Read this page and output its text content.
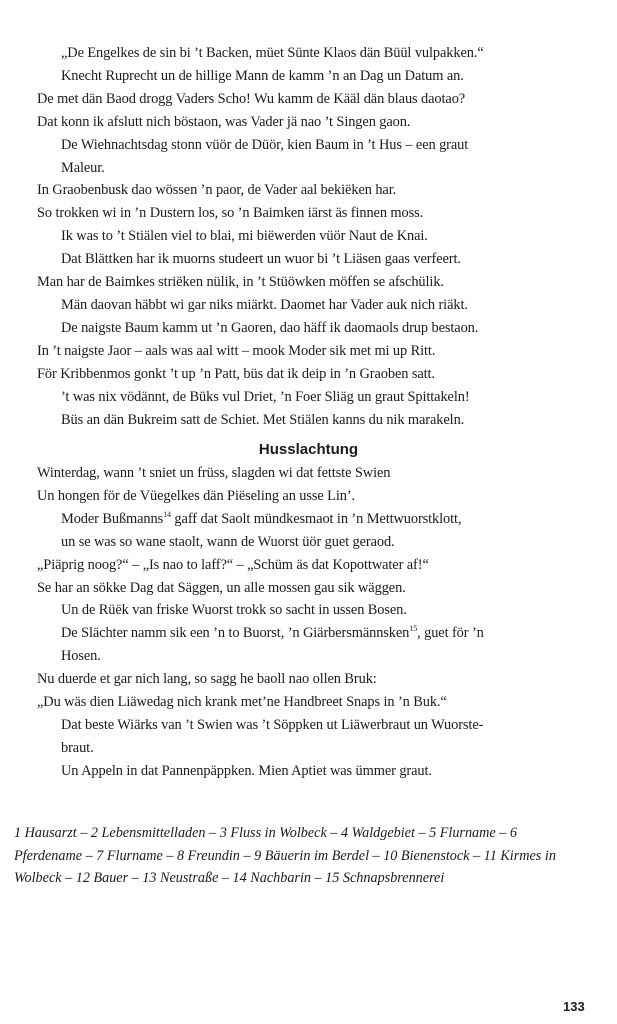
„De Engelkes de sin bi ’t Backen, müet Sünte Klaos dän Büül vulpakken.“
Knecht Ruprecht un de hillige Mann de kamm ’n an Dag un Datum an.
De met dän Baod drogg Vaders Scho! Wu kamm de Kääl dän blaus daotao?
Dat konn ik afslutt nich böstaon, was Vader jä nao ’t Singen gaon.
De Wiehnachtsdag stonn vüör de Düör, kien Baum in ’t Hus – een graut
Maleur.
In Graobenbusk dao wössen ’n paor, de Vader aal bekiëken har.
So trokken wi in ’n Dustern los, so ’n Baimken iärst äs finnen moss.
Ik was to ’t Stiälen viel to blai, mi biëwerden vüör Naut de Knai.
Dat Blättken har ik muorns studeert un wuor bi ’t Liäsen gaas verfeert.
Man har de Baimkes striëken nülik, in ’t Stüöwken möffen se afschülik.
Män daovan häbbt wi gar niks miärkt. Daomet har Vader auk nich riäkt.
De naigste Baum kamm ut ’n Gaoren, dao häff ik daomaols drup bestaon.
In ’t naigste Jaor – aals was aal witt – mook Moder sik met mi up Ritt.
För Kribbenmos gonkt ’t up ’n Patt, büs dat ik deip in ’n Graoben satt.
’t was nix vödännt, de Büks vul Driet, ’n Foer Sliäg un graut Spittakeln!
Büs an dän Bukreim satt de Schiet. Met Stiälen kanns du nik marakeln.
Husslachtung
Winterdag, wann ’t sniet un früss, slagden wi dat fettste Swien
Un hongen för de Vüegelkes dän Piëseling an usse Lin’.
Moder Bußmanns$^{14}$ gaff dat Saolt mündkesmaot in ’n Mettwuorstklott,
un se was so wane staolt, wann de Wuorst üör guet geraod.
„Piäprig noog?“ – „Is nao to laff?“ – „Schüm äs dat Kopottwater af!“
Se har an sökke Dag dat Säggen, un alle mossen gau sik wäggen.
Un de Rüëk van friske Wuorst trokk so sacht in ussen Bosen.
De Slächter namm sik een ’n to Buorst, ’n Giärbersmännsken$^{15}$, guet för ’n
Hosen.
Nu duerde et gar nich lang, so sagg he baoll nao ollen Bruk:
„Du wäs dien Liäwedag nich krank met’ne Handbreet Snaps in ’n Buk.“
Dat beste Wiärks van ’t Swien was ’t Söppken ut Liäwerbraut un Wuorste-
braut.
Un Appeln in dat Pannenpäppken. Mien Aptiet was ümmer graut.
1 Hausarzt – 2 Lebensmittelladen – 3 Fluss in Wolbeck – 4 Waldgebiet – 5 Flurname – 6 Pferdename – 7 Flurname – 8 Freundin – 9 Bäuerin im Berdel – 10 Bienenstock – 11 Kirmes in Wolbeck – 12 Bauer – 13 Neustraße – 14 Nachbarin – 15 Schnapsbrennerei
133
